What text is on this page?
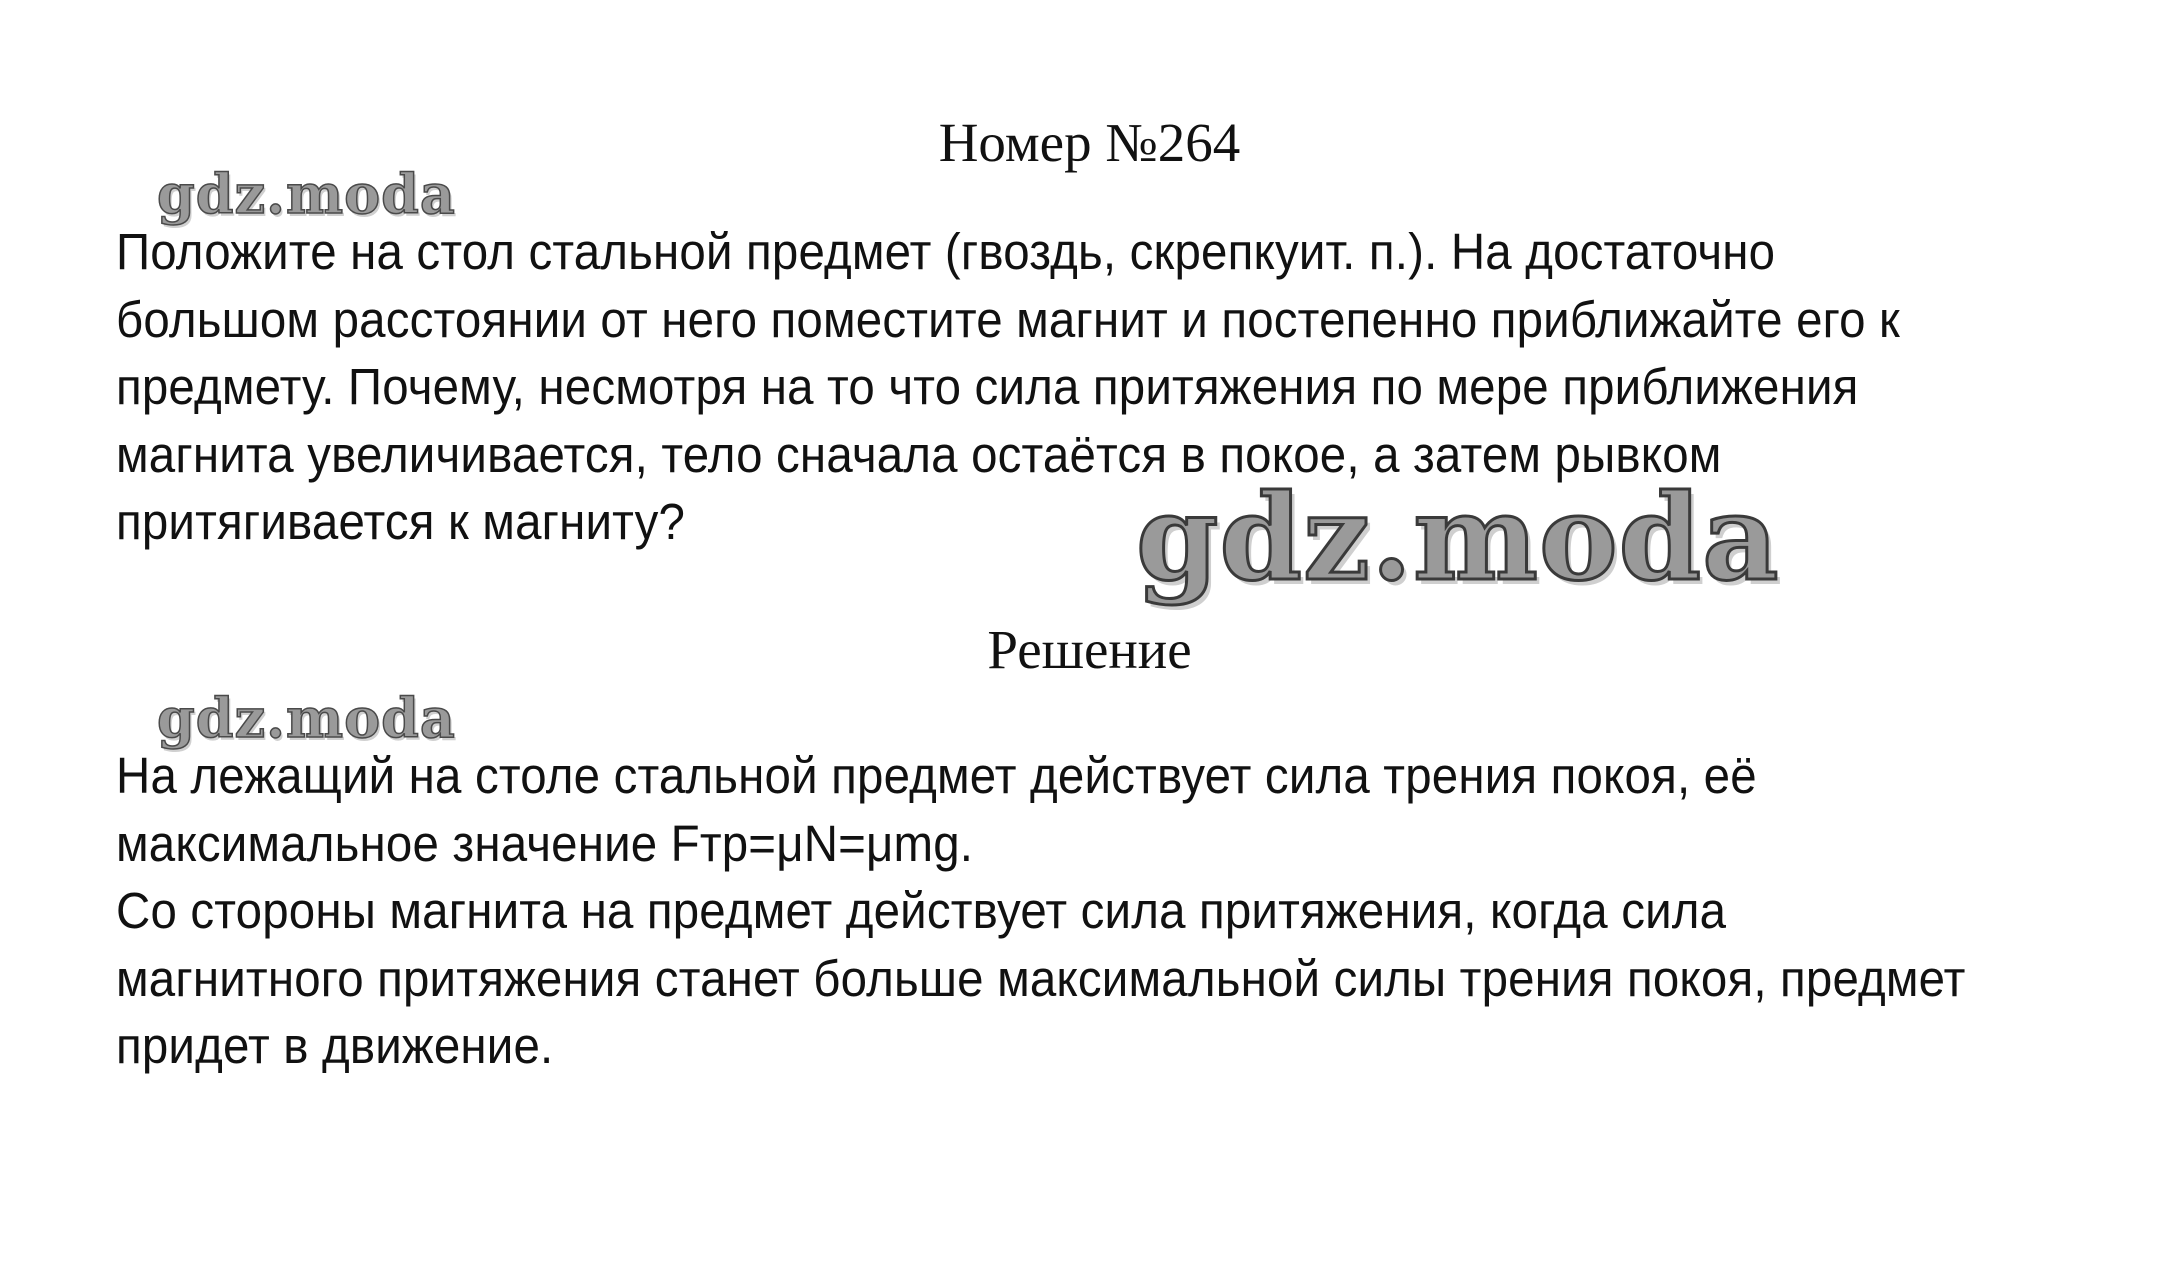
Номер №264
gdz.moda

Положите на стол стальной предмет (гвоздь, скрепкуит. п.). На достаточно большом расстоянии от него поместите магнит и постепенно приближайте его к предмету. Почему, несмотря на то что сила притяжения по мере приближения магнита увеличивается, тело сначала остаётся в покое, а затем рывком притягивается к магниту?	gdz.moda
Решение
gdz.moda

На лежащий на столе стальной предмет действует сила трения покоя, её максимальное значение Fтр=μN=μmg.

Со стороны магнита на предмет действует сила притяжения, когда сила магнитного притяжения станет больше максимальной силы трения покоя, предмет придет в движение.
